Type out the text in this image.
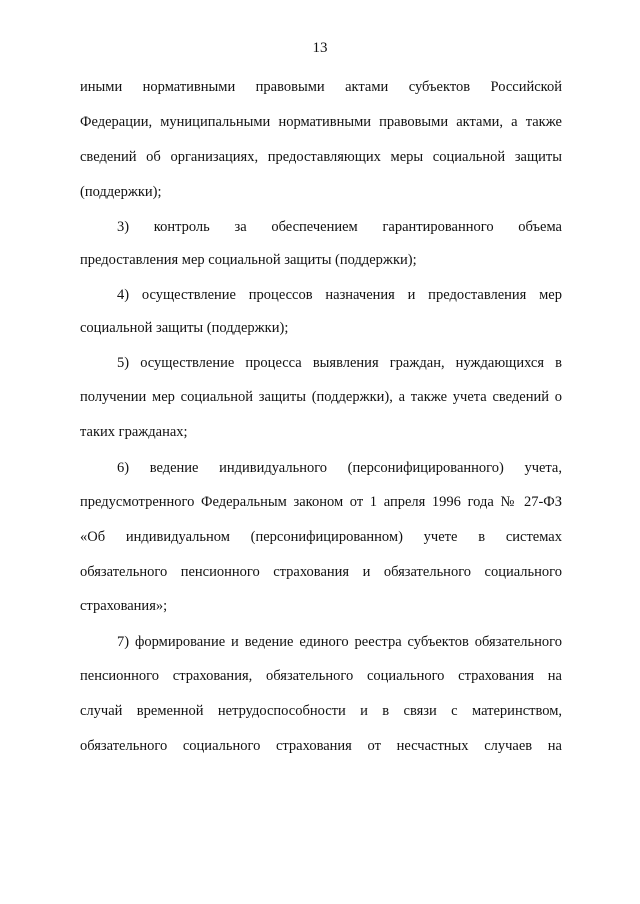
13
иными нормативными правовыми актами субъектов Российской
Федерации, муниципальными нормативными правовыми актами, а также
сведений об организациях, предоставляющих меры социальной защиты
(поддержки);
3) контроль за обеспечением гарантированного объема
предоставления мер социальной защиты (поддержки);
4) осуществление процессов назначения и предоставления мер
социальной защиты (поддержки);
5) осуществление процесса выявления граждан, нуждающихся в
получении мер социальной защиты (поддержки), а также учета сведений о
таких гражданах;
6) ведение индивидуального (персонифицированного) учета,
предусмотренного Федеральным законом от 1 апреля 1996 года № 27-ФЗ
«Об индивидуальном (персонифицированном) учете в системах
обязательного пенсионного страхования и обязательного социального
страхования»;
7) формирование и ведение единого реестра субъектов обязательного
пенсионного страхования, обязательного социального страхования на
случай временной нетрудоспособности и в связи с материнством,
обязательного социального страхования от несчастных случаев на
